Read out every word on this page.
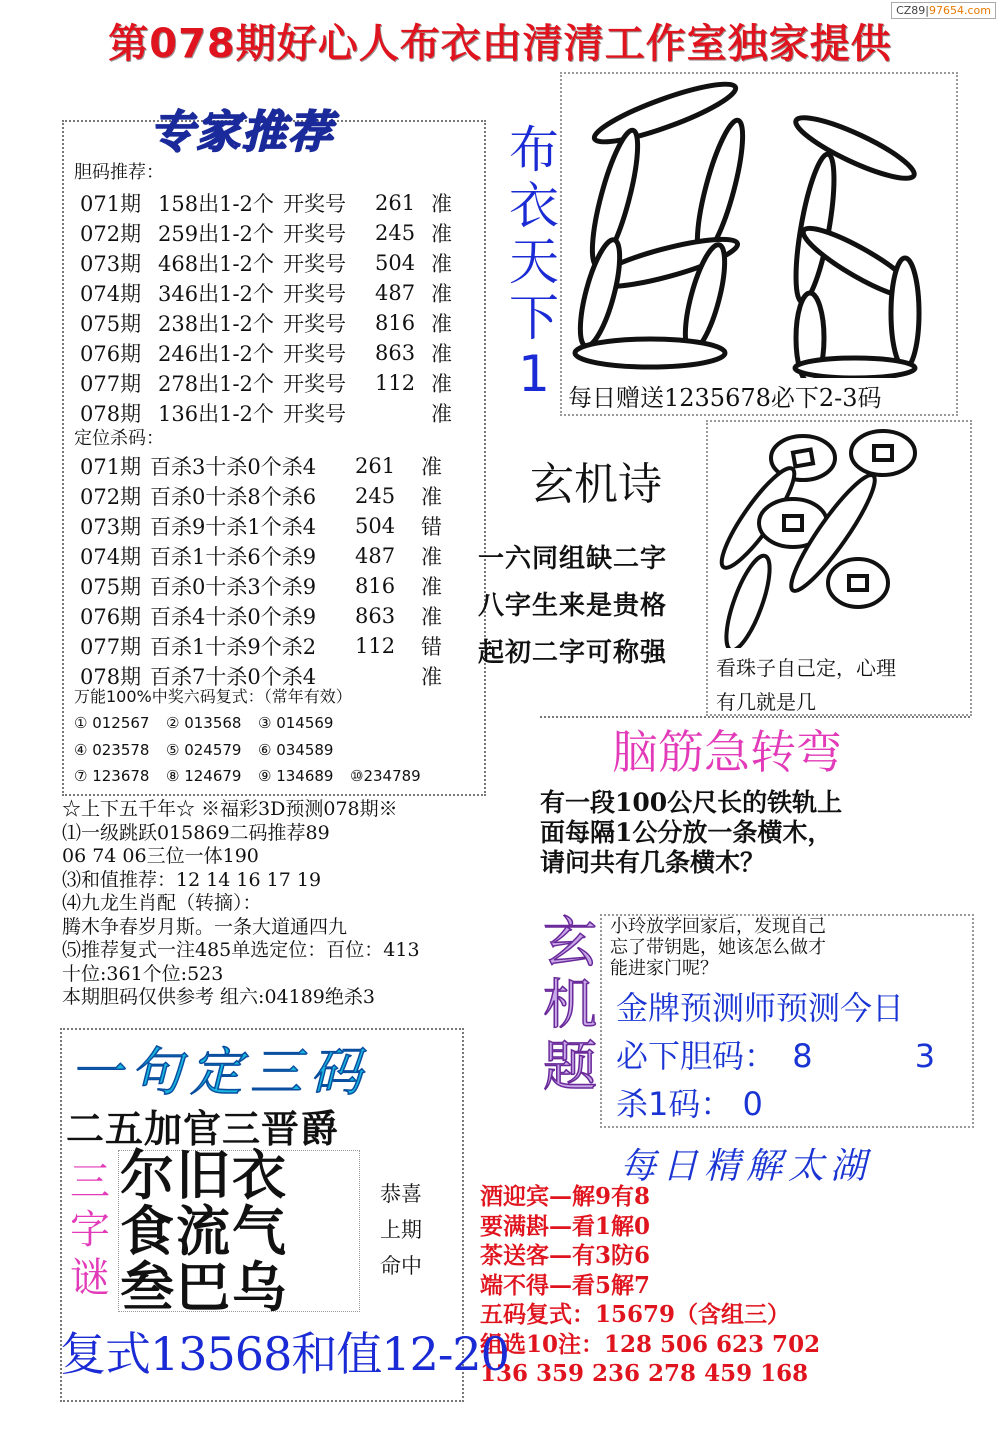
第078期好心人布衣由清清工作室独家提供
CZ89|97654.com
专家推荐
胆码推荐：
071期	158出1-2个	开奖号	261	准
072期	259出1-2个	开奖号	245	准
073期	468出1-2个	开奖号	504	准
074期	346出1-2个	开奖号	487	准
075期	238出1-2个	开奖号	816	准
076期	246出1-2个	开奖号	863	准
077期	278出1-2个	开奖号	112	准
078期	136出1-2个	开奖号		准
定位杀码：
071期	百杀3十杀0个杀4	261	准
072期	百杀0十杀8个杀6	245	准
073期	百杀9十杀1个杀4	504	错
074期	百杀1十杀6个杀9	487	准
075期	百杀0十杀3个杀9	816	准
076期	百杀4十杀0个杀9	863	准
077期	百杀1十杀9个杀2	112	错
078期	百杀7十杀0个杀4		准
万能100%中奖六码复式：（常年有效）
① 012567 ② 013568 ③ 014569
④ 023578 ⑤ 024579 ⑥ 034589
⑦ 123678 ⑧ 124679 ⑨ 134689 ⑩234789
☆上下五千年☆ ※福彩3D预测078期※
⑴一级跳跃015869二码推荐89
06 74 06三位一体190
⑶和值推荐：12 14 16 17 19
⑷九龙生肖配（转摘）：
腾木争春岁月斯。一条大道通四九
⑸推荐复式一注485单选定位：百位：413
十位:361个位:523
本期胆码仅供参考 组六:04189绝杀3
布
衣
天
下
1 每日赠送1235678必下2-3码
玄机诗
一六同组缺二字
八字生来是贵格
起初二字可称强 看珠子自己定，心理
有几就是几
脑筋急转弯
有一段100公尺长的铁轨上
面每隔1公分放一条横木，
请问共有几条横木？
玄
机
题
小玲放学回家后，发现自己
忘了带钥匙，她该怎么做才
能进家门呢？
金牌预测师预测今日
必下胆码： 8	3
杀1码： 0
每日精解太湖
酒迎宾—解9有8
要满斟—看1解0
茶送客—有3防6
端不得—看5解7
五码复式：15679（含组三）
组选10注：128 506 623 702
136 359 236 278 459 168
一句定三码
二五加官三晋爵
三
字
谜
尔旧衣
食流气
叁巴乌
恭喜
上期
命中
复式13568和值12-20
